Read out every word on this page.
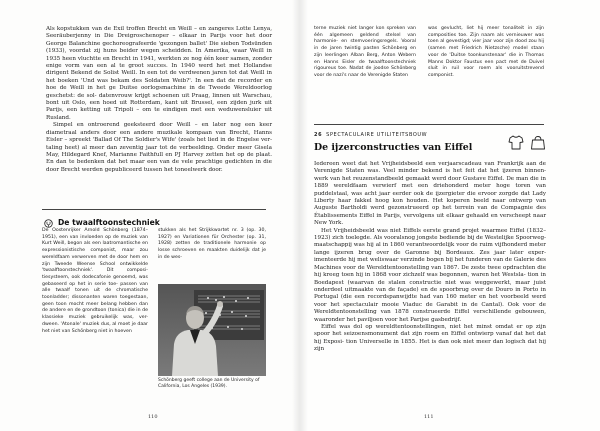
Als kopstukken van de Exil troffen Brecht en Weill – en zangeres Lotte Lenya, Seeräuberjenny in Die Dreigroschenoper – elkaar in Parijs voor het door George Balanchine gechoreografeerde 'gezongen ballet' Die sieben Todsünden (1933), voordat zij huns beider wegen scheidden. In Amerika, waar Weill in 1935 heen vluchtte en Brecht in 1941, werkten ze nog één keer samen, zonder enige vorm van een al te groot succes. In 1940 werd het met Hollandse dirigent Bekend de Solist Weill. In een tot de verdwenen jaren tot dat Weill in het boeken 'Und was bekam des Soldaten Weib?'. In een dat de recorder en hoe de Weill in het ge Duitse oorlogsmachine in de Tweede Wereldoorlog geschetst: de sol- datenvrouw krijgt schoenen uit Praag, linnen uit Warschau, bont uit Oslo, een hoed uit Rotterdam, kant uit Brussel, een zijden jurk uit Parijs, een ketting uit Tripoli – om te eindigen met een weduwensluier uit Rusland.

Simpel en ontroerend geeksteerd door Weill – en later nog een keer diametraal anders door een andere muzikale kompaan van Brecht, Hanns Eisler – spreekt 'Ballad Of The Soldier's Wife' (zoals het lied in de Engelse ver- taling heet) al meer dan zeventig jaar tot de verbeelding. Onder meer Gisela May, Hildegard Knef, Marianne Faithfull en PJ Harvey zetten het op de plaat. En dan te bedenken dat het maar een van de vele prachtige gedichten in die door Brecht werden gepubliceerd tussen het toneelwerk door.

De twaalftoonstechniek
De Oostenrijker Arnold Schönberg (1874–1951), een van invloeden op de muziek van Kurt Weill, begon als een laatromantische en expressionistische componist, maar zou wereldfaam verwerven met de door hem en zijn Tweede Weense School ontwikkelde 'twaalftoonstechniek'. Dit composi- tiesysteem, ook dodecafonie genoemd, was gebaseerd op het in serie toe- passen van alle twaalf tonen uit de chromatische toonladder; dissonanten waren toegestaan, geen toon mocht meer belang hebben dan de andere en de grondtoon (tonica) die in de klassieke muziek gebruikelijk was, ver- dween. 'Atonale' muziek dus, al moet je daar het niet van Schönberg niet in hoeven
stukken als het Strijkkwartet nr. 3 (op. 30, 1927) en Variationen für Orchester (op. 31, 1928) zetten de traditionele harmonie op losse schroeven en maakten duidelijk dat je in de wes-
Schönberg geeft college aan de University of California, Los Angeles (1939).
110
terne muziek niet langer kon spreken van één algemeen geldend stelsel van harmonie- en stemvoeringsregels. Vooral in de jaren twintig pasten Schönberg en zijn leerlingen Alban Berg, Anton Webern en Hanns Eisler de twaalftoonstechniek rigoureus toe. Nadat de joodse Schönberg voor de nazi's naar de Verenigde Staten
was gevlucht, liet hij meer tonaliteit in zijn composities toe. Zijn naam als vernieuwer was toen al gevestigd; vier jaar voor zijn dood zou hij (samen met Friedrich Nietzsche) model staan voor de 'Duitse toonkunstenaar' die in Thomas Manns Doktor Faustus een pact met de Duivel sluit in ruil voor roem als vooruitstrevend componist.
26 SPECTACULAIRE UTILITEITSBOUW
De ijzerconstructies van Eiffel

Iedereen weet dat het Vrijheidsbeeld een verjaarscadeau van Frankrijk aan de Verenigde Staten was. Veel minder bekend is het feit dat het ijzeren binnen- werk van het reuzenstandbeeld gemaakt werd door Gustave Eiffel. De man die in 1889 wereldfaam verwierf met een driehonderd meter hoge toren van puddelstaal, was acht jaar eerder ook de ijzergieter die ervoor zorgde dat Lady Liberty haar fakkel hoog kon houden. Het koperen beeld naar ontwerp van Auguste Bartholdi werd gezonstrueerd op het terrein van de Compagnie des Établissements Eiffel in Parijs, vervolgens uit elkaar gehaald en verscheept naar New York.

Het Vrijheidsbeeld was niet Eiffels eerste grand projet waarmee Eiffel (1832– 1923) zich toelegde. Als vooralsnog jongste bediende bij de Westelijke Spoorweg- maatschappij was hij al in 1860 verantwoordelijk voor de ruim vijfhonderd meter lange ijzeren brug over de Garonne bij Bordeaux. Zes jaar later exper- imenteerde hij met weliswaar verzinde bogen bij het funderen van de Galerie des Machines voor de Wereldtentoonstelling van 1867. De zeste twee opdrachten die hij kreeg toen hij in 1868 voor zichzelf was begonnen, waren het Westsla- tion in Boedapest (waarvan de stalen constructie niet was weggewerkt, maar juist onderdeel uitmaakte van de façade) en de spoorbrug over de Douro in Porto in Portugal (die een recordspanwijdte had van 160 meter en het voorbeeld werd voor het spectaculair mooie Viaduc de Garabit in de Cantal). Ook voor de Wereldtentoonstelling van 1878 construeerde Eiffel verschillende gebouwen, waaronder het paviljoen voor het Parijse gasbedrijf.

Eiffel was dol op wereldtentoonstellingen, niet het minst omdat er op zijn spoor het seizoensmonument dat zijn roem en Eiffel ontwierp vanaf dat het dat hij Exposi- tion Universelle in 1855. Het is dan ook niet meer dan logisch dat hij zijn

111
